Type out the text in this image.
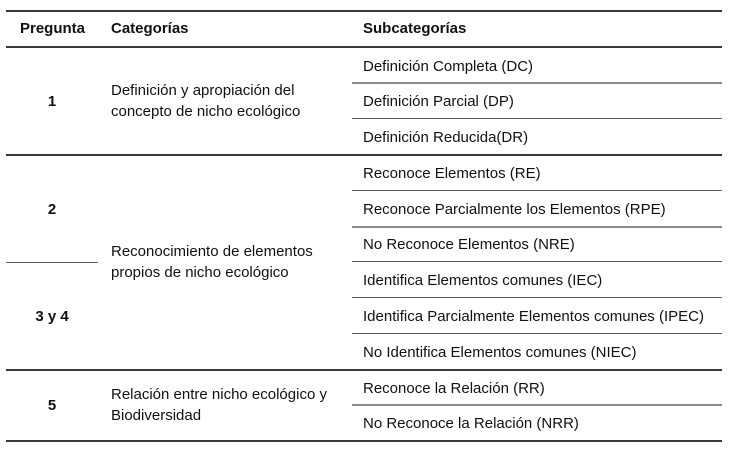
Pregunta Categorías	Subcategorías
1
Definición y apropiación del
concepto de nicho ecológico
Definición Completa (DC)
Definición Parcial (DP)
Definición Reducida(DR)
2
Reconocimiento de elementos
propios de nicho ecológico
Reconoce Elementos (RE)
Reconoce Parcialmente los Elementos (RPE)
No Reconoce Elementos (NRE)
3 y 4
Identifica Elementos comunes (IEC)
Identifica Parcialmente Elementos comunes (IPEC)
No Identifica Elementos comunes (NIEC)
5
Relación entre nicho ecológico y
Biodiversidad
Reconoce la Relación (RR)
No Reconoce la Relación (NRR)
